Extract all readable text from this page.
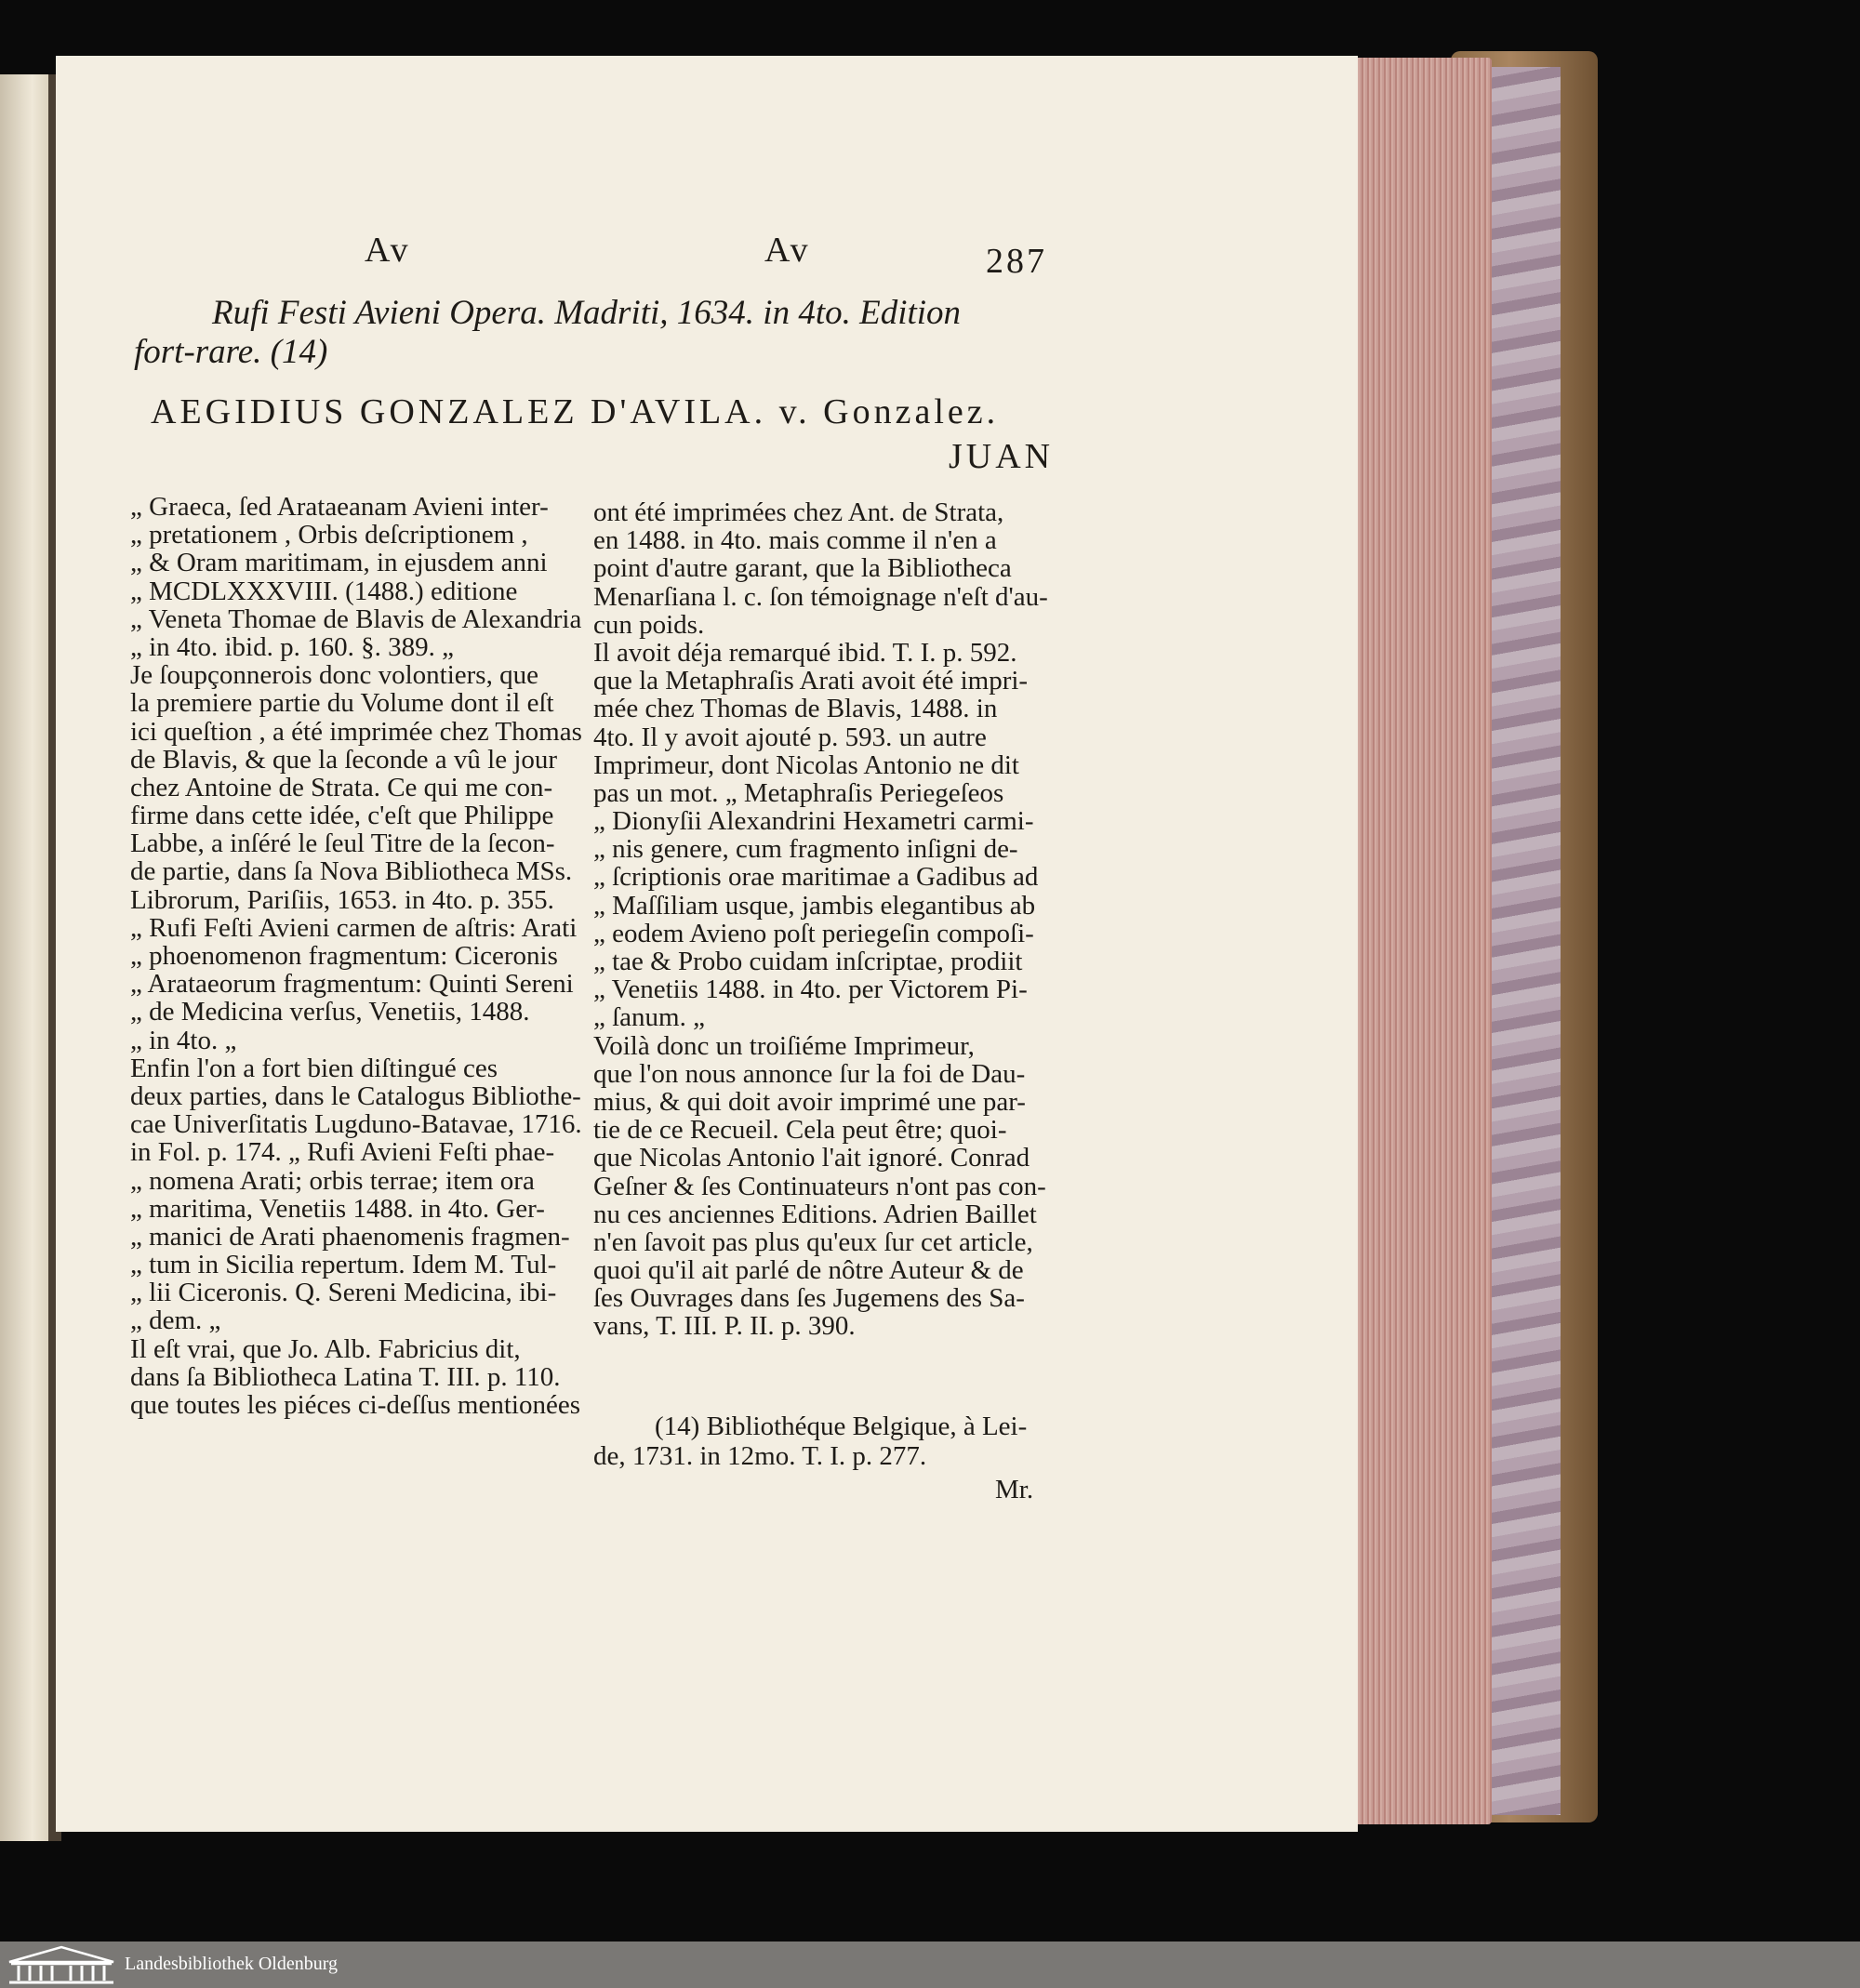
Av	Av	287
Rufi Festi Avieni Opera. Madriti, 1634. in 4to. Edition
fort-rare. (14)
AEGIDIUS GONZALEZ D'AVILA. v. Gonzalez.
JUAN
„ Graeca, ſed Arataeanam Avieni inter-
„ pretationem , Orbis deſcriptionem ,
„ & Oram maritimam, in ejusdem anni
„ MCDLXXXVIII. (1488.) editione
„ Veneta Thomae de Blavis de Alexandria
„ in 4to. ibid. p. 160. §. 389. „
Je ſoupçonnerois donc volontiers, que
la premiere partie du Volume dont il eſt
ici queſtion , a été imprimée chez Thomas
de Blavis, & que la ſeconde a vû le jour
chez Antoine de Strata. Ce qui me con-
firme dans cette idée, c'eſt que Philippe
Labbe, a inſéré le ſeul Titre de la ſecon-
de partie, dans ſa Nova Bibliotheca MSs.
Librorum, Pariſiis, 1653. in 4to. p. 355.
„ Rufi Feſti Avieni carmen de aſtris: Arati
„ phoenomenon fragmentum: Ciceronis
„ Arataeorum fragmentum: Quinti Sereni
„ de Medicina verſus, Venetiis, 1488.
„ in 4to. „
Enfin l'on a fort bien diſtingué ces
deux parties, dans le Catalogus Bibliothe-
cae Univerſitatis Lugduno-Batavae, 1716.
in Fol. p. 174. „ Rufi Avieni Feſti phae-
„ nomena Arati; orbis terrae; item ora
„ maritima, Venetiis 1488. in 4to. Ger-
„ manici de Arati phaenomenis fragmen-
„ tum in Sicilia repertum. Idem M. Tul-
„ lii Ciceronis. Q. Sereni Medicina, ibi-
„ dem. „
Il eſt vrai, que Jo. Alb. Fabricius dit,
dans ſa Bibliotheca Latina T. III. p. 110.
que toutes les piéces ci-deſſus mentionées
ont été imprimées chez Ant. de Strata,
en 1488. in 4to. mais comme il n'en a
point d'autre garant, que la Bibliotheca
Menarſiana l. c. ſon témoignage n'eſt d'au-
cun poids.
Il avoit déja remarqué ibid. T. I. p. 592.
que la Metaphraſis Arati avoit été impri-
mée chez Thomas de Blavis, 1488. in
4to. Il y avoit ajouté p. 593. un autre
Imprimeur, dont Nicolas Antonio ne dit
pas un mot. „ Metaphraſis Periegeſeos
„ Dionyſii Alexandrini Hexametri carmi-
„ nis genere, cum fragmento inſigni de-
„ ſcriptionis orae maritimae a Gadibus ad
„ Maſſiliam usque, jambis elegantibus ab
„ eodem Avieno poſt periegeſin compoſi-
„ tae & Probo cuidam inſcriptae, prodiit
„ Venetiis 1488. in 4to. per Victorem Pi-
„ ſanum. „
Voilà donc un troiſiéme Imprimeur,
que l'on nous annonce ſur la foi de Dau-
mius, & qui doit avoir imprimé une par-
tie de ce Recueil. Cela peut être; quoi-
que Nicolas Antonio l'ait ignoré. Conrad
Geſner & ſes Continuateurs n'ont pas con-
nu ces anciennes Editions. Adrien Baillet
n'en ſavoit pas plus qu'eux ſur cet article,
quoi qu'il ait parlé de nôtre Auteur & de
ſes Ouvrages dans ſes Jugemens des Sa-
vans, T. III. P. II. p. 390.
(14) Bibliothéque Belgique, à Lei-
de, 1731. in 12mo. T. I. p. 277.
Mr.
Landesbibliothek Oldenburg
